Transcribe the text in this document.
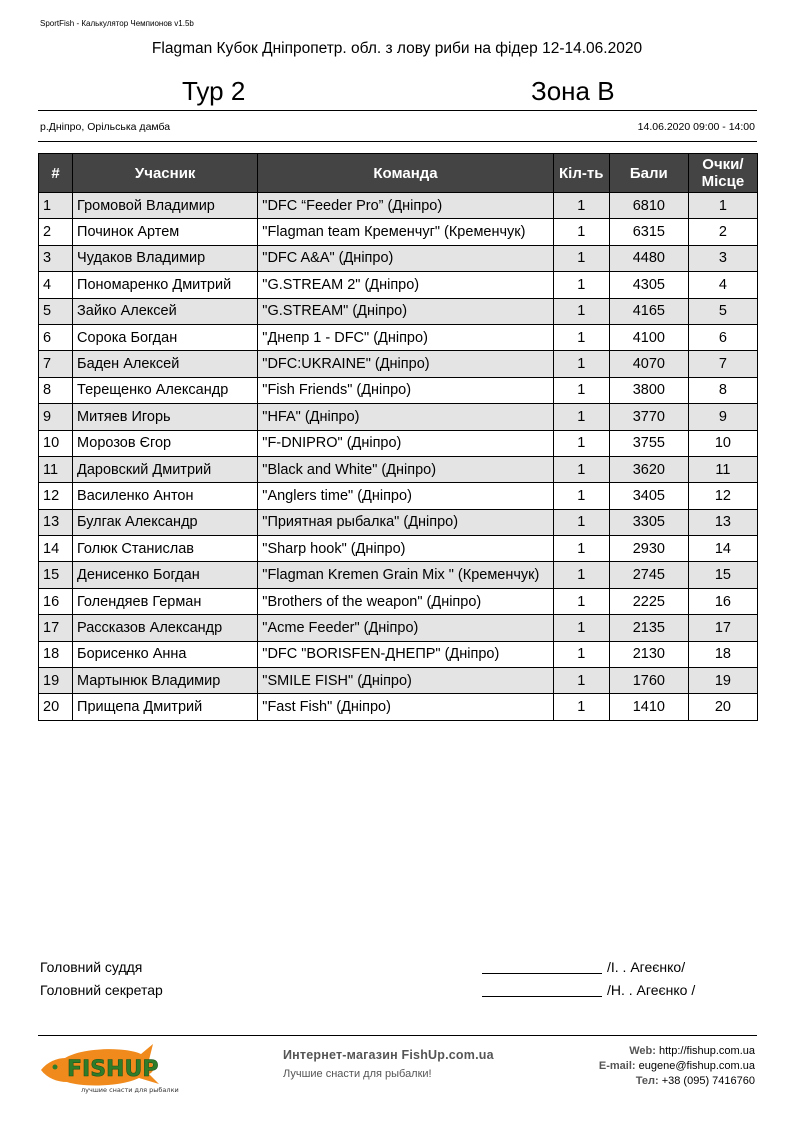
SportFish - Калькулятор Чемпионов v1.5b
Flagman Кубок Дніпропетр. обл. з лову риби на фідер 12-14.06.2020
Тур 2	Зона В
р.Дніпро, Орільська дамба	14.06.2020 09:00 - 14:00
#	Учасник	Команда	Кіл-ть	Бали	Очки/
Місце
1	Громовой Владимир	"DFC “Feeder Pro” (Дніпро)	1	6810	1
2	Починок Артем	"Flagman team Кременчуг" (Кременчук)	1	6315	2
3	Чудаков Владимир	"DFC A&A" (Дніпро)	1	4480	3
4	Пономаренко Дмитрий	"G.STREAM 2" (Дніпро)	1	4305	4
5	Зайко Алексей	"G.STREAM" (Дніпро)	1	4165	5
6	Сорока Богдан	"Днепр 1 - DFC" (Дніпро)	1	4100	6
7	Баден Алексей	"DFC:UKRAINE" (Дніпро)	1	4070	7
8	Терещенко Александр	"Fish Friends" (Дніпро)	1	3800	8
9	Митяев Игорь	"HFA" (Дніпро)	1	3770	9
10	Морозов Єгор	"F-DNIPRO" (Дніпро)	1	3755	10
11	Даровский Дмитрий	"Black and White" (Дніпро)	1	3620	11
12	Василенко Антон	"Anglers time" (Дніпро)	1	3405	12
13	Булгак Александр	"Приятная рыбалка" (Дніпро)	1	3305	13
14	Голюк Станислав	"Sharp hook" (Дніпро)	1	2930	14
15	Денисенко Богдан	"Flagman Kremen Grain Mix " (Кременчук)	1	2745	15
16	Голендяев Герман	"Brothers of the weapon" (Дніпро)	1	2225	16
17	Рассказов Александр	"Acme Feeder" (Дніпро)	1	2135	17
18	Борисенко Анна	"DFC "BORISFEN-ДНЕПР" (Дніпро)	1	2130	18
19	Мартынюк Владимир	"SMILE FISH" (Дніпро)	1	1760	19
20	Прищепа Дмитрий	"Fast Fish" (Дніпро)	1	1410	20
Головний суддя	/І. . Агеєнко/
Головний секретар	/Н. . Агеєнко /
FISHUP
лучшие снасти для рыбалки
Интернет-магазин FishUp.com.ua
Лучшие снасти для рыбалки!
Web: http://fishup.com.ua
E-mail: eugene@fishup.com.ua
Тел: +38 (095) 7416760
